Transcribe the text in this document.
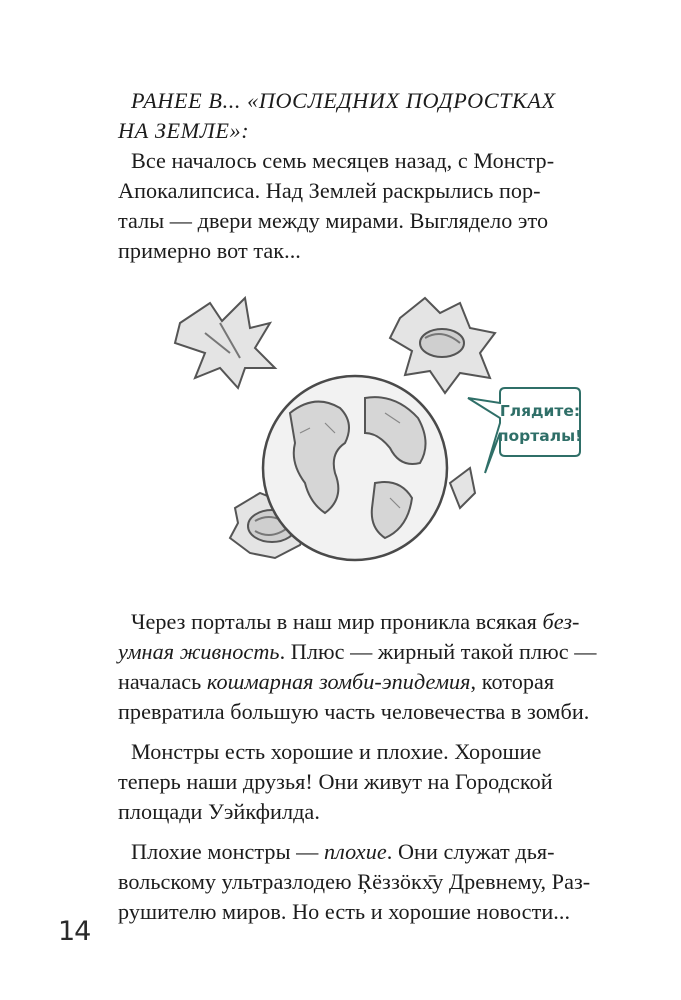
РАНЕЕ В... «ПОСЛЕДНИХ ПОДРОСТКАХ
НА ЗЕМЛЕ»:
Все началось семь месяцев назад, с Монстр-
Апокалипсиса. Над Землей раскрылись пор-
талы — двери между мирами. Выглядело это
примерно вот так...
Глядите:
порталы!
Через порталы в наш мир проникла всякая без-
умная живность. Плюс — жирный такой плюс —
началась кошмарная зомби-эпидемия, которая
превратила большую часть человечества в зомби.
Монстры есть хорошие и плохие. Хорошие
теперь наши друзья! Они живут на Городской
площади Уэйкфилда.
Плохие монстры — плохие. Они служат дья-
вольскому ультразлодею Ŗёззöкх̄у Древнему, Раз-
рушителю миров. Но есть и хорошие новости...
14
